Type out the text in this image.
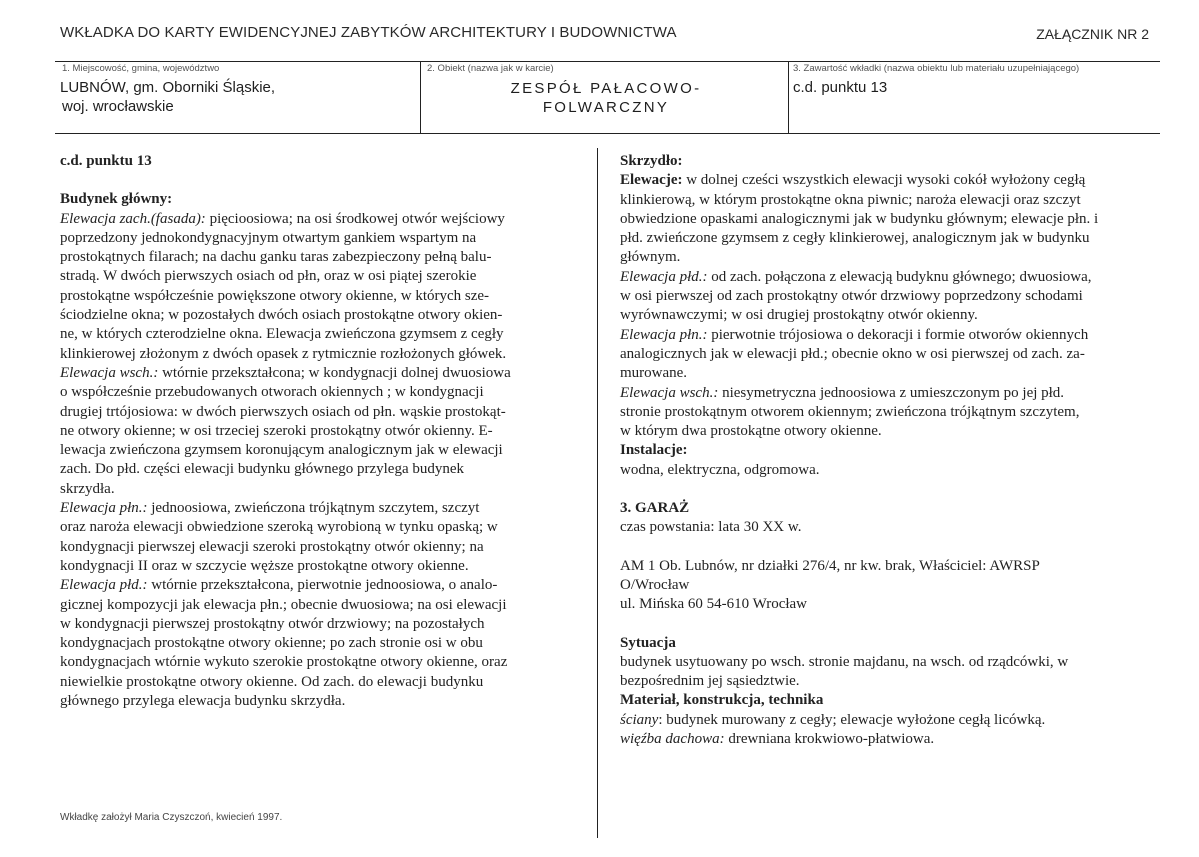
WKŁADKA DO KARTY EWIDENCYJNEJ ZABYTKÓW ARCHITEKTURY I BUDOWNICTWA	ZAŁĄCZNIK NR 2
1. Miejscowość, gmina, województwo
LUBNÓW, gm. Oborniki Śląskie,
woj. wrocławskie
2. Obiekt (nazwa jak w karcie)
ZESPÓŁ PAŁACOWO-
FOLWARCZNY
3. Zawartość wkładki (nazwa obiektu lub materiału uzupełniającego)
c.d. punktu 13

c.d. punktu 13

Budynek główny:

Elewacja zach.(fasada): pięcioosiowa; na osi środkowej otwór wejściowy

poprzedzony jednokondygnacyjnym otwartym gankiem wspartym na

prostokątnych filarach; na dachu ganku taras zabezpieczony pełną balu-

stradą. W dwóch pierwszych osiach od płn, oraz w osi piątej szerokie

prostokątne współcześnie powiększone otwory okienne, w których sze-

ściodzielne okna; w pozostałych dwóch osiach prostokątne otwory okien-

ne, w których czterodzielne okna. Elewacja zwieńczona gzymsem z cegły

klinkierowej złożonym z dwóch opasek z rytmicznie rozłożonych główek.

Elewacja wsch.: wtórnie przekształcona; w kondygnacji dolnej dwuosiowa

o współcześnie przebudowanych otworach okiennych ; w kondygnacji

drugiej trtójosiowa: w dwóch pierwszych osiach od płn. wąskie prostokąt-

ne otwory okienne; w osi trzeciej szeroki prostokątny otwór okienny. E-

lewacja zwieńczona gzymsem koronującym analogicznym jak w elewacji

zach. Do płd. części elewacji budynku głównego przylega budynek

skrzydła.

Elewacja płn.: jednoosiowa, zwieńczona trójkątnym szczytem, szczyt

oraz naroża elewacji obwiedzione szeroką wyrobioną w tynku opaską; w

kondygnacji pierwszej elewacji szeroki prostokątny otwór okienny; na

kondygnacji II oraz w szczycie węższe prostokątne otwory okienne.

Elewacja płd.: wtórnie przekształcona, pierwotnie jednoosiowa, o analo-

gicznej kompozycji jak elewacja płn.; obecnie dwuosiowa; na osi elewacji

w kondygnacji pierwszej prostokątny otwór drzwiowy; na pozostałych

kondygnacjach prostokątne otwory okienne; po zach stronie osi w obu

kondygnacjach wtórnie wykuto szerokie prostokątne otwory okienne, oraz

niewielkie prostokątne otwory okienne. Od zach. do elewacji budynku

głównego przylega elewacja budynku skrzydła.

Skrzydło:

Elewacje: w dolnej cześci wszystkich elewacji wysoki cokół wyłożony cegłą

klinkierową, w którym prostokątne okna piwnic; naroża elewacji oraz szczyt

obwiedzione opaskami analogicznymi jak w budynku głównym; elewacje płn. i

płd. zwieńczone gzymsem z cegły klinkierowej, analogicznym jak w budynku

głównym.

Elewacja płd.: od zach. połączona z elewacją budyknu głównego; dwuosiowa,

w osi pierwszej od zach prostokątny otwór drzwiowy poprzedzony schodami

wyrównawczymi; w osi drugiej prostokątny otwór okienny.

Elewacja płn.: pierwotnie trójosiowa o dekoracji i formie otworów okiennych

analogicznych jak w elewacji płd.; obecnie okno w osi pierwszej od zach. za-

murowane.

Elewacja wsch.: niesymetryczna jednoosiowa z umieszczonym po jej płd.

stronie prostokątnym otworem okiennym; zwieńczona trójkątnym szczytem,

w którym dwa prostokątne otwory okienne.

Instalacje:

wodna, elektryczna, odgromowa.

3. GARAŻ

czas powstania: lata 30 XX w.

AM 1 Ob. Lubnów, nr działki 276/4, nr kw. brak, Właściciel: AWRSP

O/Wrocław

ul. Mińska 60 54-610 Wrocław

Sytuacja

budynek usytuowany po wsch. stronie majdanu, na wsch. od rządcówki, w

bezpośrednim jej sąsiedztwie.

Materiał, konstrukcja, technika

ściany: budynek murowany z cegły; elewacje wyłożone cegłą licówką.

więźba dachowa: drewniana krokwiowo-płatwiowa.

Wkładkę założył Maria Czyszczoń, kwiecień 1997.
